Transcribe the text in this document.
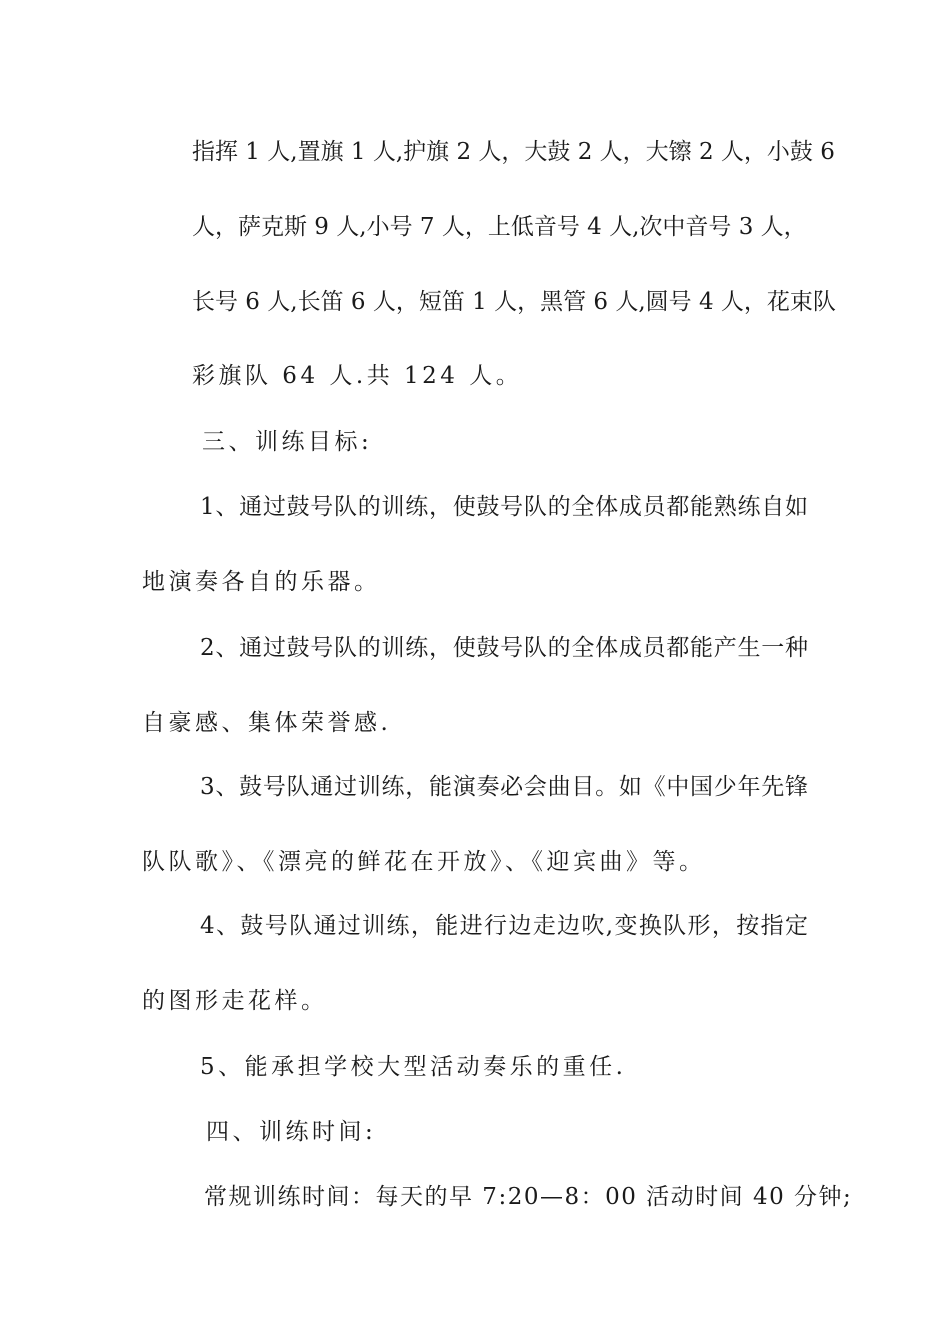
指挥 1 人,置旗 1 人,护旗 2 人，大鼓 2 人，大镲 2 人，小鼓 6
人，萨克斯 9 人,小号 7 人，上低音号 4 人,次中音号 3 人，
长号 6 人,长笛 6 人，短笛 1 人，黑管 6 人,圆号 4 人，花束队
彩旗队 64 人.共 124 人。
三、训练目标:
1、通过鼓号队的训练，使鼓号队的全体成员都能熟练自如
地演奏各自的乐器。
2、通过鼓号队的训练，使鼓号队的全体成员都能产生一种
自豪感、集体荣誉感.
3、鼓号队通过训练，能演奏必会曲目。如《中国少年先锋
队队歌》、《漂亮的鲜花在开放》、《迎宾曲》等。
4、鼓号队通过训练，能进行边走边吹,变换队形，按指定
的图形走花样。
5、能承担学校大型活动奏乐的重任.
四、训练时间:
常规训练时间：每天的早 7:20—8：00 活动时间 40 分钟;
